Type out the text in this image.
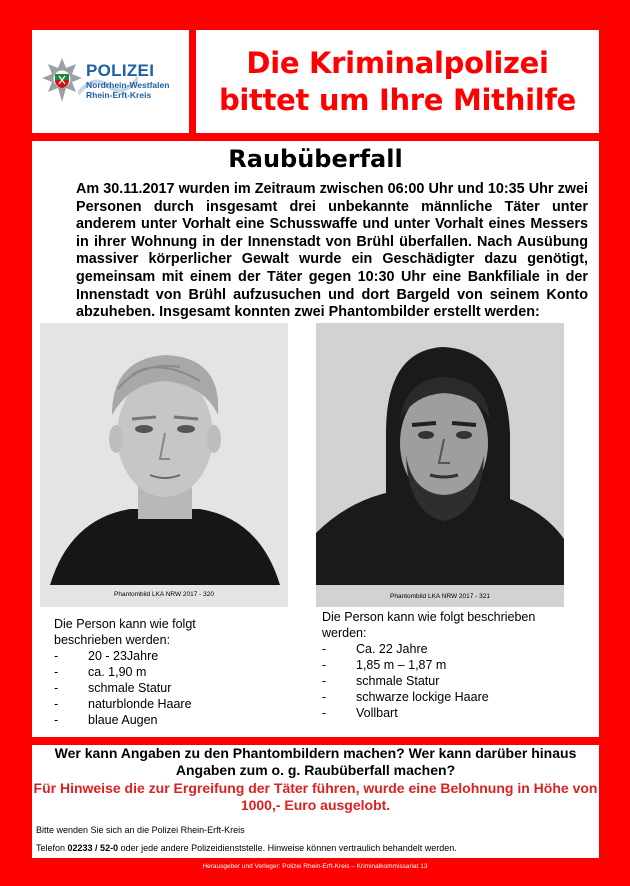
POLIZEI
Nordrhein-Westfalen
Rhein-Erft-Kreis
Die Kriminalpolizei
bittet um Ihre Mithilfe
Raubüberfall
Am 30.11.2017 wurden im Zeitraum zwischen 06:00 Uhr und 10:35 Uhr zwei Personen durch insgesamt drei unbekannte männliche Täter unter anderem unter Vorhalt eine Schusswaffe und unter Vorhalt eines Messers in ihrer Wohnung in der Innenstadt von Brühl überfallen. Nach Ausübung massiver körperlicher Gewalt wurde ein Geschädigter dazu genötigt, gemeinsam mit einem der Täter gegen 10:30 Uhr eine Bankfiliale in der Innenstadt von Brühl aufzusuchen und dort Bargeld von seinem Konto abzuheben. Insgesamt konnten zwei Phantombilder erstellt werden:
Phantombild LKA NRW 2017 - 320	Phantombild LKA NRW 2017 - 321
Die Person kann wie folgt beschrieben werden:
- 20 - 23Jahre
- ca. 1,90 m
- schmale Statur
- naturblonde Haare
- blaue Augen
Die Person kann wie folgt beschrieben werden:
- Ca. 22 Jahre
- 1,85 m – 1,87 m
- schmale Statur
- schwarze lockige Haare
- Vollbart
Wer kann Angaben zu den Phantombildern machen? Wer kann darüber hinaus Angaben zum o. g. Raubüberfall machen?
Für Hinweise die zur Ergreifung der Täter führen, wurde eine Belohnung in Höhe von 1000,- Euro ausgelobt.
Bitte wenden Sie sich an die Polizei Rhein-Erft-Kreis
Telefon 02233 / 52-0 oder jede andere Polizeidienststelle. Hinweise können vertraulich behandelt werden.
Herausgeber und Verleger: Polizei Rhein-Erft-Kreis – Kriminalkommissariat 13
